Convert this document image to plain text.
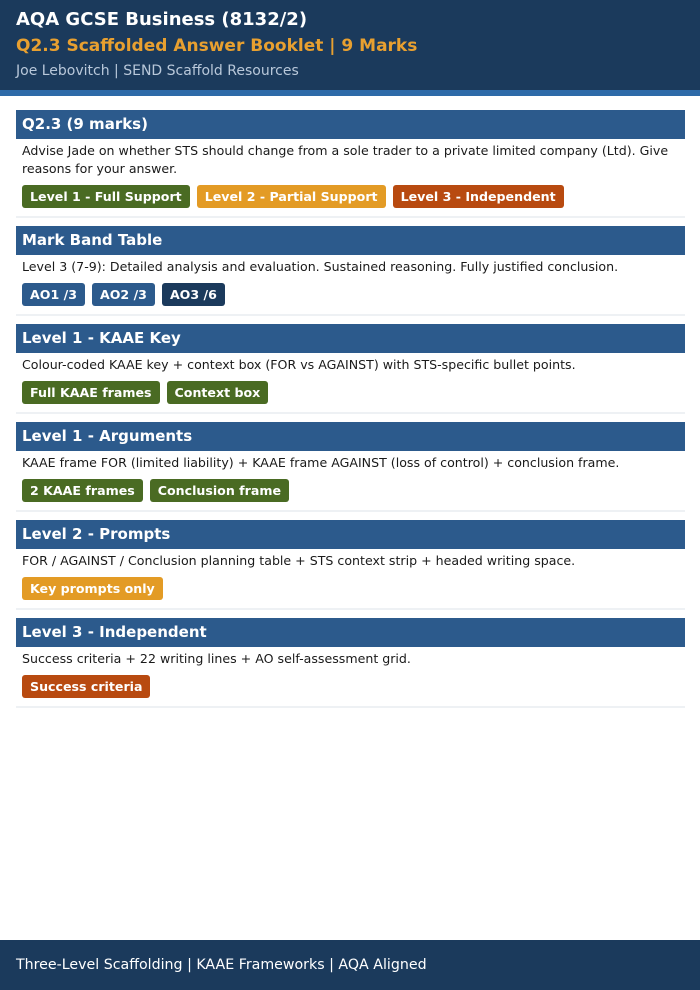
AQA GCSE Business (8132/2)
Q2.3 Scaffolded Answer Booklet | 9 Marks
Joe Lebovitch | SEND Scaffold Resources
Q2.3 (9 marks)
Advise Jade on whether STS should change from a sole trader to a private limited company (Ltd). Give reasons for your answer.
Level 1 - Full Support	Level 2 - Partial Support	Level 3 - Independent
Mark Band Table
Level 3 (7-9): Detailed analysis and evaluation. Sustained reasoning. Fully justified conclusion.
AO1 /3	AO2 /3	AO3 /6
Level 1 - KAAE Key
Colour-coded KAAE key + context box (FOR vs AGAINST) with STS-specific bullet points.
Full KAAE frames	Context box
Level 1 - Arguments
KAAE frame FOR (limited liability) + KAAE frame AGAINST (loss of control) + conclusion frame.
2 KAAE frames	Conclusion frame
Level 2 - Prompts
FOR / AGAINST / Conclusion planning table + STS context strip + headed writing space.
Key prompts only
Level 3 - Independent
Success criteria + 22 writing lines + AO self-assessment grid.
Success criteria
Three-Level Scaffolding | KAAE Frameworks | AQA Aligned
